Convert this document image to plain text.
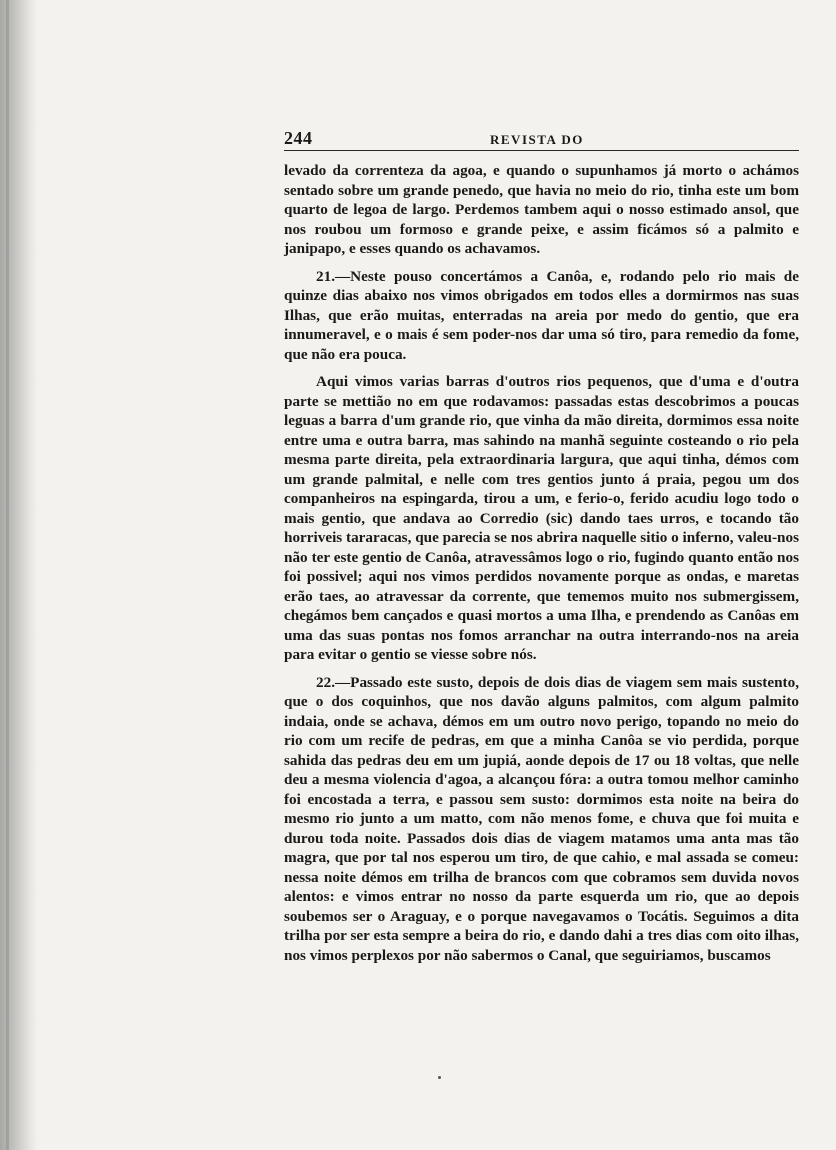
244	REVISTA DO

levado da correnteza da agoa, e quando o supunhamos já morto o achámos sentado sobre um grande penedo, que havia no meio do rio, tinha este um bom quarto de legoa de largo. Perdemos tambem aqui o nosso estimado ansol, que nos roubou um formoso e grande peixe, e assim ficámos só a palmito e janipapo, e esses quando os achavamos.

21.—Neste pouso concertámos a Canôa, e, rodando pelo rio mais de quinze dias abaixo nos vimos obrigados em todos elles a dormirmos nas suas Ilhas, que erão muitas, enterradas na areia por medo do gentio, que era innumeravel, e o mais é sem poder-nos dar uma só tiro, para remedio da fome, que não era pouca.

Aqui vimos varias barras d'outros rios pequenos, que d'uma e d'outra parte se mettião no em que rodavamos: passadas estas descobrimos a poucas leguas a barra d'um grande rio, que vinha da mão direita, dormimos essa noite entre uma e outra barra, mas sahindo na manhã seguinte costeando o rio pela mesma parte direita, pela extraordinaria largura, que aqui tinha, démos com um grande palmital, e nelle com tres gentios junto á praia, pegou um dos companheiros na espingarda, tirou a um, e ferio-o, ferido acudiu logo todo o mais gentio, que andava ao Corredio (sic) dando taes urros, e tocando tão horriveis tararacas, que parecia se nos abrira naquelle sitio o inferno, valeu-nos não ter este gentio de Canôa, atravessâmos logo o rio, fugindo quanto então nos foi possivel; aqui nos vimos perdidos novamente porque as ondas, e maretas erão taes, ao atravessar da corrente, que tememos muito nos submergissem, chegámos bem cançados e quasi mortos a uma Ilha, e prendendo as Canôas em uma das suas pontas nos fomos arranchar na outra interrando-nos na areia para evitar o gentio se viesse sobre nós.

22.—Passado este susto, depois de dois dias de viagem sem mais sustento, que o dos coquinhos, que nos davão alguns palmitos, com algum palmito indaia, onde se achava, démos em um outro novo perigo, topando no meio do rio com um recife de pedras, em que a minha Canôa se vio perdida, porque sahida das pedras deu em um jupiá, aonde depois de 17 ou 18 voltas, que nelle deu a mesma violencia d'agoa, a alcançou fóra: a outra tomou melhor caminho foi encostada a terra, e passou sem susto: dormimos esta noite na beira do mesmo rio junto a um matto, com não menos fome, e chuva que foi muita e durou toda noite. Passados dois dias de viagem matamos uma anta mas tão magra, que por tal nos esperou um tiro, de que cahio, e mal assada se comeu: nessa noite démos em trilha de brancos com que cobramos sem duvida novos alentos: e vimos entrar no nosso da parte esquerda um rio, que ao depois soubemos ser o Araguay, e o porque navegavamos o Tocátis. Seguimos a dita trilha por ser esta sempre a beira do rio, e dando dahi a tres dias com oito ilhas, nos vimos perplexos por não sabermos o Canal, que seguiriamos, buscamos
